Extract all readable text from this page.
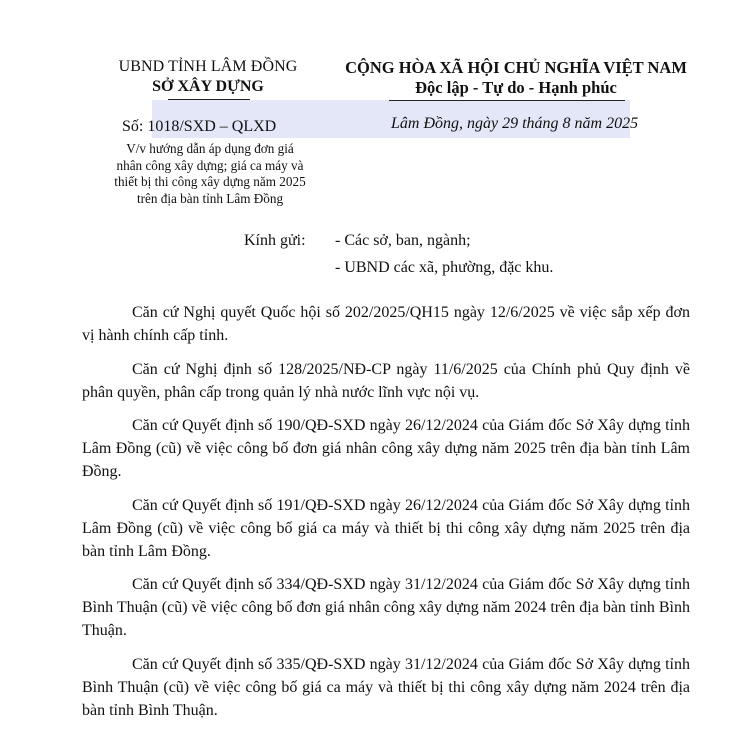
UBND TỈNH LÂM ĐỒNG
SỞ XÂY DỰNG
CỘNG HÒA XÃ HỘI CHỦ NGHĨA VIỆT NAM
Độc lập - Tự do - Hạnh phúc
Số: 1018/SXD – QLXD	Lâm Đồng, ngày 29 tháng 8 năm 2025
V/v hướng dẫn áp dụng đơn giá
nhân công xây dựng; giá ca máy và
thiết bị thi công xây dựng năm 2025
trên địa bàn tỉnh Lâm Đồng
Kính gửi: - Các sở, ban, ngành;
- UBND các xã, phường, đặc khu.

Căn cứ Nghị quyết Quốc hội số 202/2025/QH15 ngày 12/6/2025 về việc sắp xếp đơn vị hành chính cấp tỉnh.

Căn cứ Nghị định số 128/2025/NĐ-CP ngày 11/6/2025 của Chính phủ Quy định về phân quyền, phân cấp trong quản lý nhà nước lĩnh vực nội vụ.

Căn cứ Quyết định số 190/QĐ-SXD ngày 26/12/2024 của Giám đốc Sở Xây dựng tỉnh Lâm Đồng (cũ) về việc công bố đơn giá nhân công xây dựng năm 2025 trên địa bàn tỉnh Lâm Đồng.

Căn cứ Quyết định số 191/QĐ-SXD ngày 26/12/2024 của Giám đốc Sở Xây dựng tỉnh Lâm Đồng (cũ) về việc công bố giá ca máy và thiết bị thi công xây dựng năm 2025 trên địa bàn tỉnh Lâm Đồng.

Căn cứ Quyết định số 334/QĐ-SXD ngày 31/12/2024 của Giám đốc Sở Xây dựng tỉnh Bình Thuận (cũ) về việc công bố đơn giá nhân công xây dựng năm 2024 trên địa bàn tỉnh Bình Thuận.

Căn cứ Quyết định số 335/QĐ-SXD ngày 31/12/2024 của Giám đốc Sở Xây dựng tỉnh Bình Thuận (cũ) về việc công bố giá ca máy và thiết bị thi công xây dựng năm 2024 trên địa bàn tỉnh Bình Thuận.
